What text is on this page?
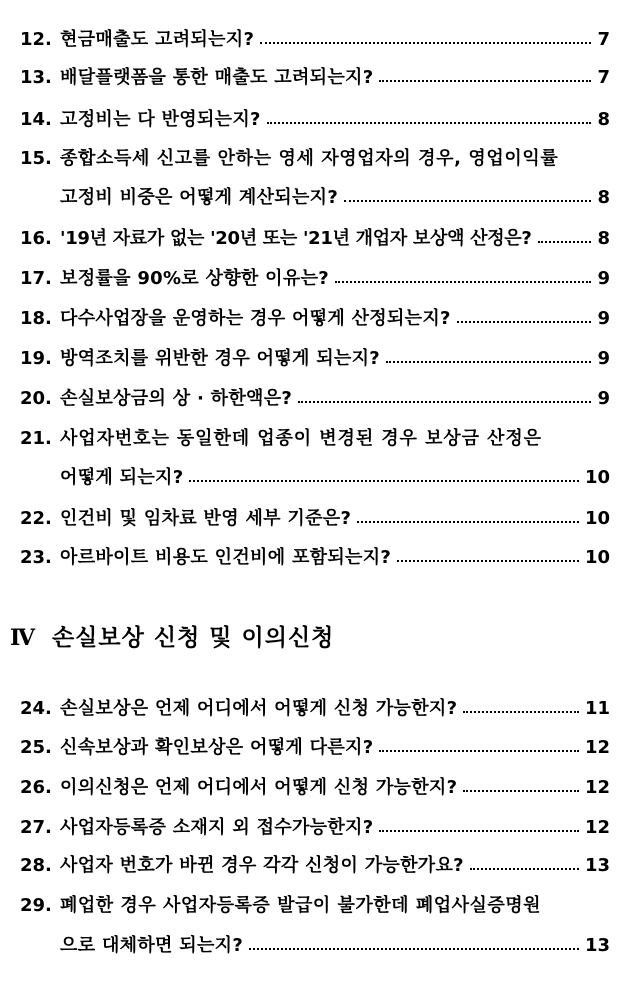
12. 현금매출도 고려되는지?	7
13. 배달플랫폼을 통한 매출도 고려되는지?	7
14. 고정비는 다 반영되는지?	8
15. 종합소득세 신고를 안하는 영세 자영업자의 경우, 영업이익률
고정비 비중은 어떻게 계산되는지?	8
16. '19년 자료가 없는 '20년 또는 '21년 개업자 보상액 산정은?	8
17. 보정률을 90%로 상향한 이유는?	9
18. 다수사업장을 운영하는 경우 어떻게 산정되는지?	9
19. 방역조치를 위반한 경우 어떻게 되는지?	9
20. 손실보상금의 상 · 하한액은?	9
21. 사업자번호는 동일한데 업종이 변경된 경우 보상금 산정은
어떻게 되는지?	10
22. 인건비 및 임차료 반영 세부 기준은?	10
23. 아르바이트 비용도 인건비에 포함되는지?	10
Ⅳ 손실보상 신청 및 이의신청
24. 손실보상은 언제 어디에서 어떻게 신청 가능한지?	11
25. 신속보상과 확인보상은 어떻게 다른지?	12
26. 이의신청은 언제 어디에서 어떻게 신청 가능한지?	12
27. 사업자등록증 소재지 외 접수가능한지?	12
28. 사업자 번호가 바뀐 경우 각각 신청이 가능한가요?	13
29. 폐업한 경우 사업자등록증 발급이 불가한데 폐업사실증명원
으로 대체하면 되는지?	13
